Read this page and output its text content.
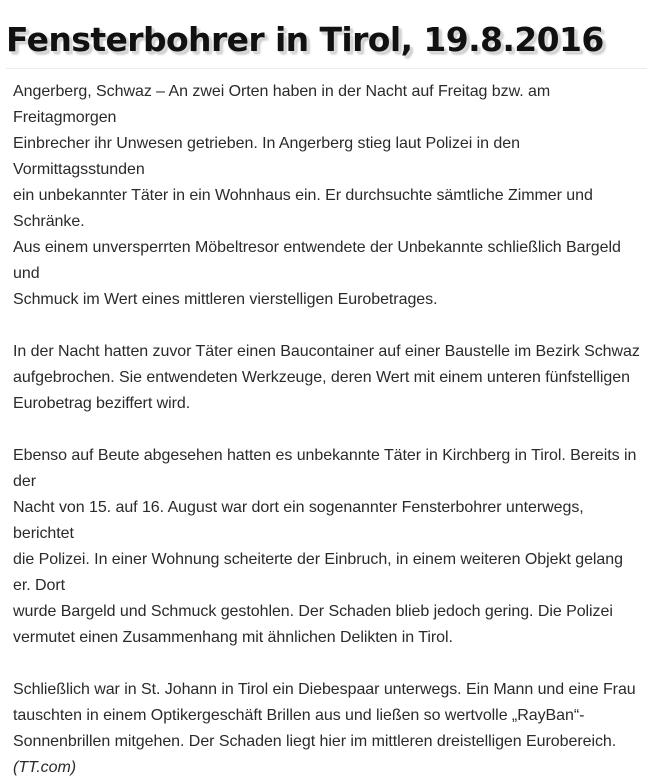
Fensterbohrer in Tirol, 19.8.2016

Angerberg, Schwaz – An zwei Orten haben in der Nacht auf Freitag bzw. am Freitagmorgen
Einbrecher ihr Unwesen getrieben. In Angerberg stieg laut Polizei in den Vormittagsstunden
ein unbekannter Täter in ein Wohnhaus ein. Er durchsuchte sämtliche Zimmer und Schränke.
Aus einem unversperrten Möbeltresor entwendete der Unbekannte schließlich Bargeld und
Schmuck im Wert eines mittleren vierstelligen Eurobetrages.

In der Nacht hatten zuvor Täter einen Baucontainer auf einer Baustelle im Bezirk Schwaz
aufgebrochen. Sie entwendeten Werkzeuge, deren Wert mit einem unteren fünfstelligen
Eurobetrag beziffert wird.

Ebenso auf Beute abgesehen hatten es unbekannte Täter in Kirchberg in Tirol. Bereits in der
Nacht von 15. auf 16. August war dort ein sogenannter Fensterbohrer unterwegs, berichtet
die Polizei. In einer Wohnung scheiterte der Einbruch, in einem weiteren Objekt gelang er. Dort
wurde Bargeld und Schmuck gestohlen. Der Schaden blieb jedoch gering. Die Polizei
vermutet einen Zusammenhang mit ähnlichen Delikten in Tirol.

Schließlich war in St. Johann in Tirol ein Diebespaar unterwegs. Ein Mann und eine Frau
tauschten in einem Optikergeschäft Brillen aus und ließen so wertvolle „RayBan“-
Sonnenbrillen mitgehen. Der Schaden liegt hier im mittleren dreistelligen Eurobereich.

(TT.com)
